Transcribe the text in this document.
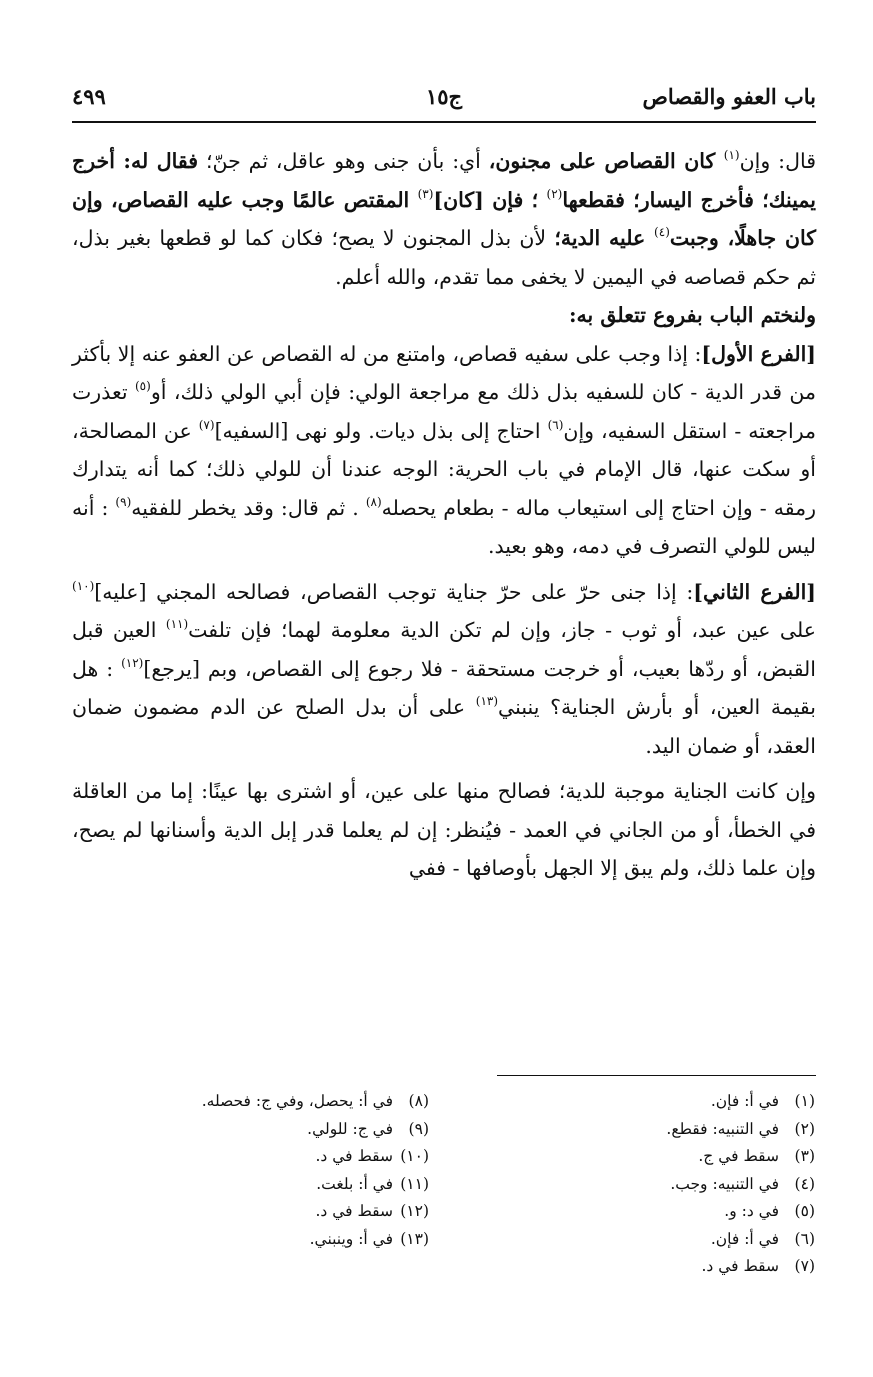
باب العفو والقصاص
ج١٥
٤٩٩

قال: وإن$^{(١)}$ كان القصاص على مجنون، أي: بأن جنى وهو عاقل، ثم جنّ؛ فقال له: أخرج يمينك؛ فأخرج اليسار؛ فقطعها$^{(٢)}$ ؛ فإن [كان]$^{(٣)}$ المقتص عالمًا وجب عليه القصاص، وإن كان جاهلًا، وجبت$^{(٤)}$ عليه الدية؛ لأن بذل المجنون لا يصح؛ فكان كما لو قطعها بغير بذل، ثم حكم قصاصه في اليمين لا يخفى مما تقدم، والله أعلم.

ولنختم الباب بفروع تتعلق به:

[الفرع الأول]: إذا وجب على سفيه قصاص، وامتنع من له القصاص عن العفو عنه إلا بأكثر من قدر الدية - كان للسفيه بذل ذلك مع مراجعة الولي: فإن أبي الولي ذلك، أو$^{(٥)}$ تعذرت مراجعته - استقل السفيه، وإن$^{(٦)}$ احتاج إلى بذل ديات. ولو نهى [السفيه]$^{(٧)}$ عن المصالحة، أو سكت عنها، قال الإمام في باب الحرية: الوجه عندنا أن للولي ذلك؛ كما أنه يتدارك رمقه - وإن احتاج إلى استيعاب ماله - بطعام يحصله$^{(٨)}$ . ثم قال: وقد يخطر للفقيه$^{(٩)}$ : أنه ليس للولي التصرف في دمه، وهو بعيد.

[الفرع الثاني]: إذا جنى حرّ على حرّ جناية توجب القصاص، فصالحه المجني [عليه]$^{(١٠)}$ على عين عبد، أو ثوب - جاز، وإن لم تكن الدية معلومة لهما؛ فإن تلفت$^{(١١)}$ العين قبل القبض، أو ردّها بعيب، أو خرجت مستحقة - فلا رجوع إلى القصاص، وبم [يرجع]$^{(١٢)}$ : هل بقيمة العين، أو بأرش الجناية؟ ينبني$^{(١٣)}$ على أن بدل الصلح عن الدم مضمون ضمان العقد، أو ضمان اليد.

وإن كانت الجناية موجبة للدية؛ فصالح منها على عين، أو اشترى بها عينًا: إما من العاقلة في الخطأ، أو من الجاني في العمد - فيُنظر: إن لم يعلما قدر إبل الدية وأسنانها لم يصح، وإن علما ذلك، ولم يبق إلا الجهل بأوصافها - ففي

(١)في أ: فإن.
(٢)في التنبيه: فقطع.
(٣)سقط في ج.
(٤)في التنبيه: وجب.
(٥)في د: و.
(٦)في أ: فإن.
(٧)سقط في د.
(٨)في أ: يحصل، وفي ج: فحصله.
(٩)في ج: للولي.
(١٠)سقط في د.
(١١)في أ: بلغت.
(١٢)سقط في د.
(١٣)في أ: وينبني.
